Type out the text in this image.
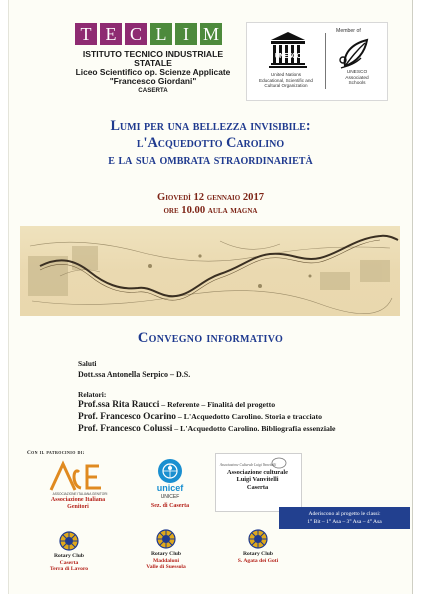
T E C L I M
ISTITUTO TECNICO INDUSTRIALE STATALE
Liceo Scientifico op. Scienze Applicate
"Francesco Giordani"
CASERTA
UNESCO
United Nations
Educational, Scientific and
Cultural Organization
Member of
UNESCO
Associated
Schools
Lumi per una bellezza invisibile:
l'Acquedotto Carolino
e la sua ombrata straordinarietà
Giovedì 12 gennaio 2017
ore 10.00 aula magna
Convegno informativo
Saluti
Dott.ssa Antonella Serpico – D.S.
Relatori:
Prof.ssa Rita Raucci – Referente – Finalità del progetto
Prof. Francesco Ocarino – L'Acquedotto Carolino. Storia e tracciato
Prof. Francesco Colussi – L'Acquedotto Carolino. Bibliografia essenziale
Con il patrocinio di:
ASSOCIAZIONE ITALIANA GENITORI
Associazione Italiana
Genitori
unicef
UNICEF
Sez. di Caserta
Associazione Culturale Luigi Vanvitelli
Associazione culturale
Luigi Vanvitelli
Caserta
Aderiscono al progetto le classi:
1° Bit – 1° Asa – 3° Asa – 4° Asa
Rotary Club
Caserta
Terra di Lavoro
Rotary Club
Maddaloni
Valle di Suessola
Rotary Club
S. Agata dei Goti
